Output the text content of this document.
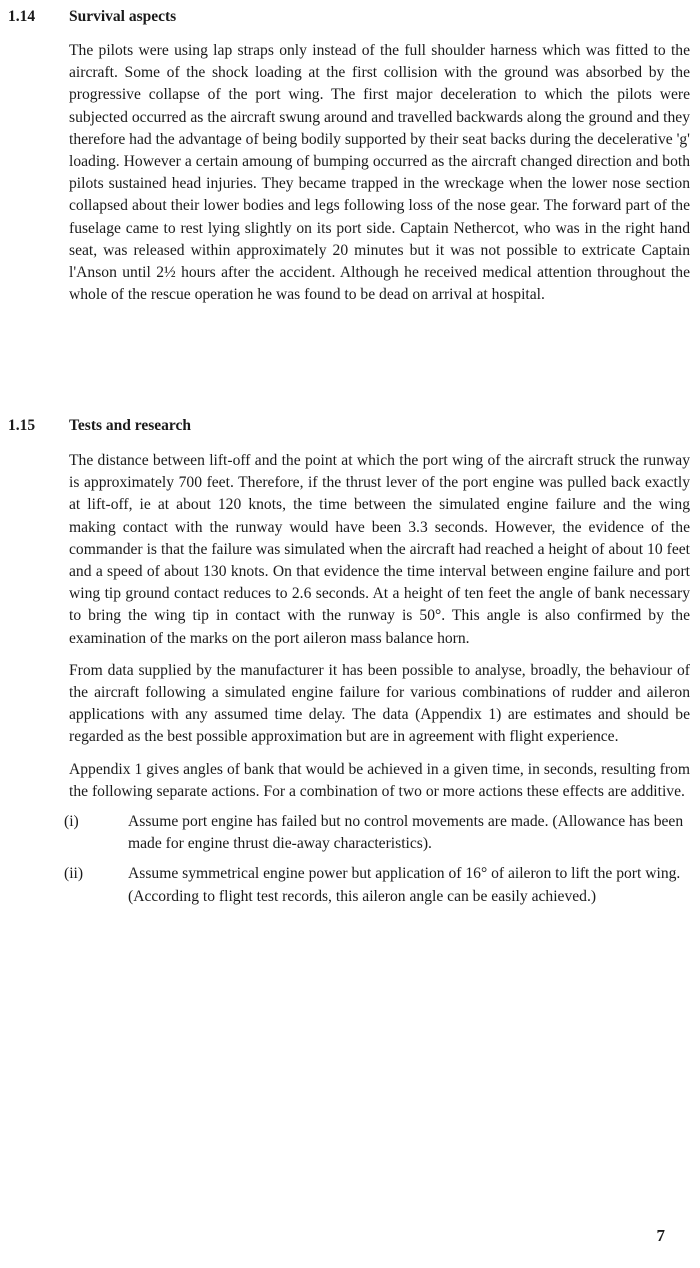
1.14 Survival aspects

The pilots were using lap straps only instead of the full shoulder harness which was fitted to the aircraft. Some of the shock loading at the first collision with the ground was absorbed by the progressive collapse of the port wing. The first major deceleration to which the pilots were subjected occurred as the aircraft swung around and travelled backwards along the ground and they therefore had the advantage of being bodily supported by their seat backs during the decelerative 'g' loading. However a certain amoung of bumping occurred as the aircraft changed direction and both pilots sustained head injuries. They became trapped in the wreckage when the lower nose section collapsed about their lower bodies and legs following loss of the nose gear. The forward part of the fuselage came to rest lying slightly on its port side. Captain Nethercot, who was in the right hand seat, was released within approximately 20 minutes but it was not possible to extricate Captain l'Anson until 2½ hours after the accident. Although he received medical attention throughout the whole of the rescue operation he was found to be dead on arrival at hospital.

1.15 Tests and research

The distance between lift-off and the point at which the port wing of the aircraft struck the runway is approximately 700 feet. Therefore, if the thrust lever of the port engine was pulled back exactly at lift-off, ie at about 120 knots, the time between the simulated engine failure and the wing making contact with the runway would have been 3.3 seconds. However, the evidence of the commander is that the failure was simulated when the aircraft had reached a height of about 10 feet and a speed of about 130 knots. On that evidence the time interval between engine failure and port wing tip ground contact reduces to 2.6 seconds. At a height of ten feet the angle of bank necessary to bring the wing tip in contact with the runway is 50°. This angle is also confirmed by the examination of the marks on the port aileron mass balance horn.

From data supplied by the manufacturer it has been possible to analyse, broadly, the behaviour of the aircraft following a simulated engine failure for various combinations of rudder and aileron applications with any assumed time delay. The data (Appendix 1) are estimates and should be regarded as the best possible approximation but are in agreement with flight experience.

Appendix 1 gives angles of bank that would be achieved in a given time, in seconds, resulting from the following separate actions. For a combination of two or more actions these effects are additive.

(i)	Assume port engine has failed but no control movements are made. (Allowance has been made for engine thrust die-away characteristics).
(ii)	Assume symmetrical engine power but application of 16° of aileron to lift the port wing. (According to flight test records, this aileron angle can be easily achieved.)
7
